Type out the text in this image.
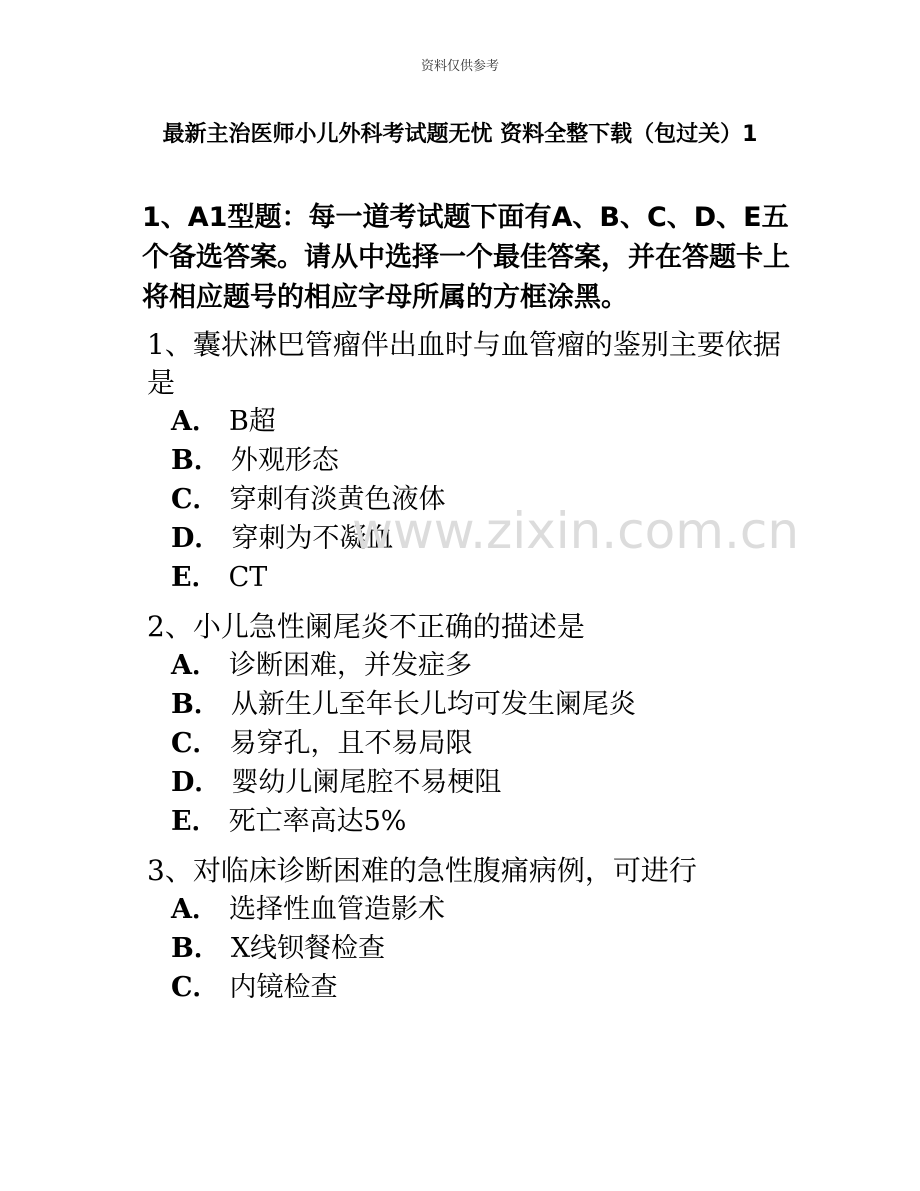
资料仅供参考
最新主治医师小儿外科考试题无忧 资料全整下载（包过关）1

1、A1型题：每一道考试题下面有A、B、C、D、E五个备选答案。请从中选择一个最佳答案，并在答题卡上将相应题号的相应字母所属的方框涂黑。

1、囊状淋巴管瘤伴出血时与血管瘤的鉴别主要依据是

A． B超
B． 外观形态
C． 穿刺有淡黄色液体
D． 穿刺为不凝血
E． CT

2、小儿急性阑尾炎不正确的描述是

A． 诊断困难，并发症多
B． 从新生儿至年长儿均可发生阑尾炎
C． 易穿孔，且不易局限
D． 婴幼儿阑尾腔不易梗阻
E． 死亡率高达5%

3、对临床诊断困难的急性腹痛病例，可进行

A． 选择性血管造影术
B． X线钡餐检查
C． 内镜检查
www.zixin.com.cn
